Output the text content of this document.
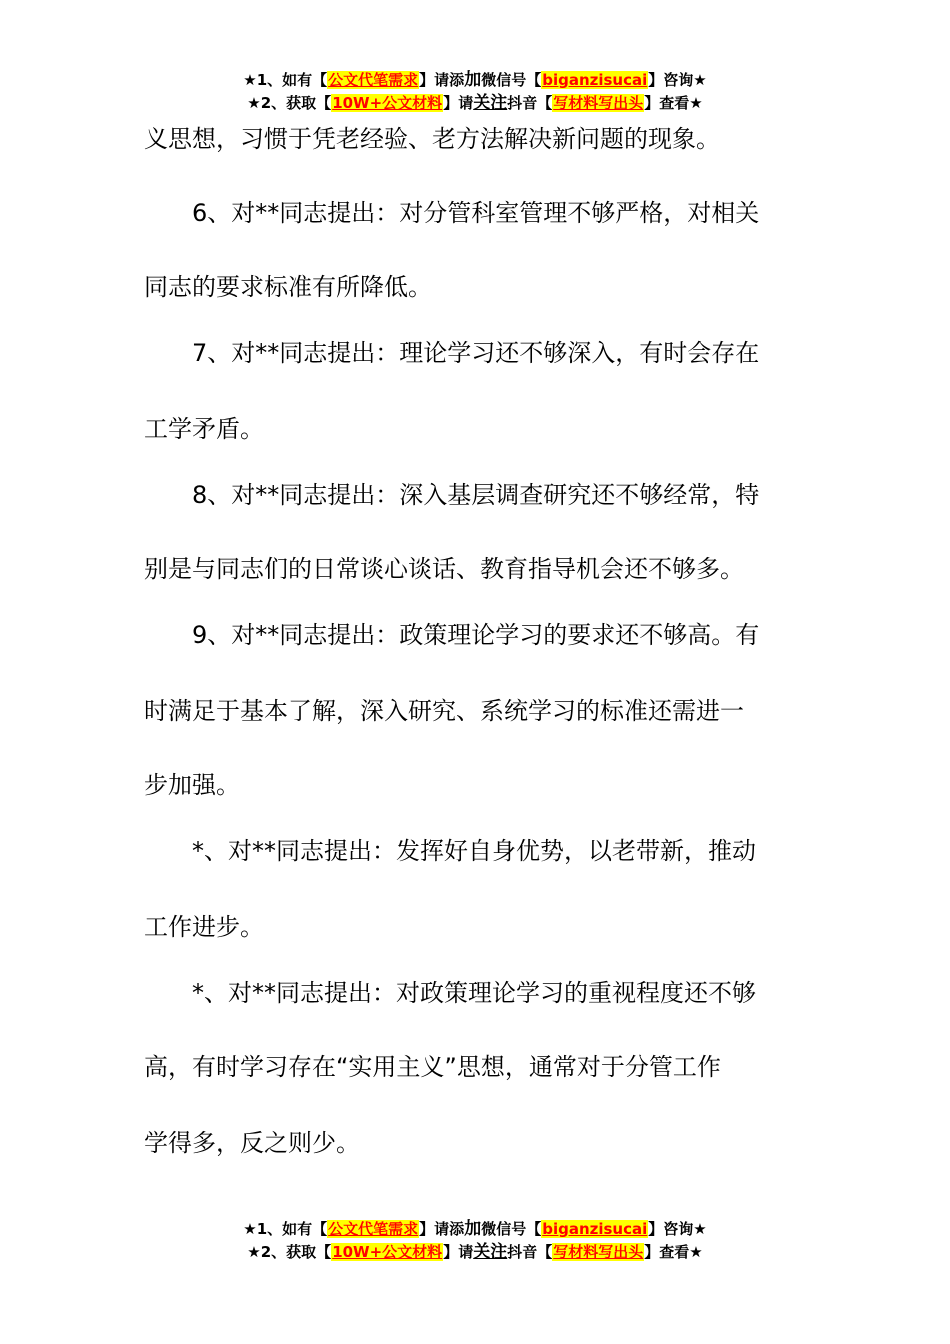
★1、如有【公文代笔需求】请添加微信号【biganzisucai】咨询★
★2、获取【10W+公文材料】请关注抖音【写材料写出头】查看★
义思想，习惯于凭老经验、老方法解决新问题的现象。
6、对**同志提出：对分管科室管理不够严格，对相关
同志的要求标准有所降低。
7、对**同志提出：理论学习还不够深入，有时会存在
工学矛盾。
8、对**同志提出：深入基层调查研究还不够经常，特
别是与同志们的日常谈心谈话、教育指导机会还不够多。
9、对**同志提出：政策理论学习的要求还不够高。有
时满足于基本了解，深入研究、系统学习的标准还需进一
步加强。
*、对**同志提出：发挥好自身优势，以老带新，推动
工作进步。
*、对**同志提出：对政策理论学习的重视程度还不够
高，有时学习存在“实用主义”思想，通常对于分管工作
学得多，反之则少。
★1、如有【公文代笔需求】请添加微信号【biganzisucai】咨询★
★2、获取【10W+公文材料】请关注抖音【写材料写出头】查看★
